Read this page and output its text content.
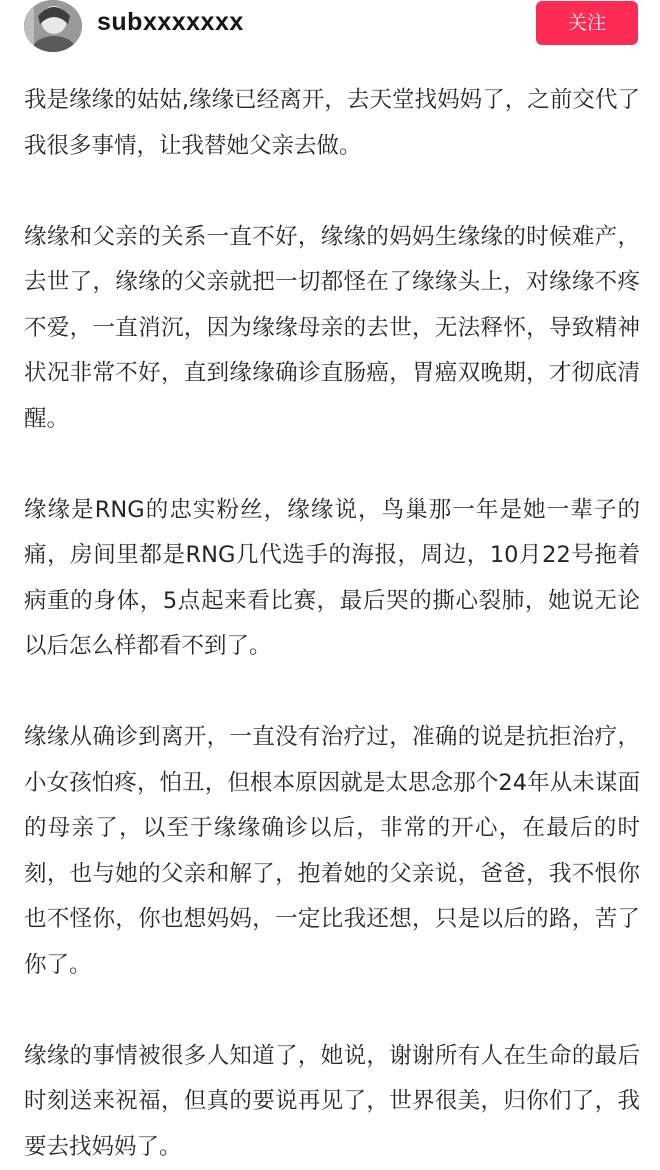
subxxxxxxx	关注

我是缘缘的姑姑,缘缘已经离开，去天堂找妈妈了，之前交代了我很多事情，让我替她父亲去做。

缘缘和父亲的关系一直不好，缘缘的妈妈生缘缘的时候难产，去世了，缘缘的父亲就把一切都怪在了缘缘头上，对缘缘不疼不爱，一直消沉，因为缘缘母亲的去世，无法释怀，导致精神状况非常不好，直到缘缘确诊直肠癌，胃癌双晚期，才彻底清醒。

缘缘是RNG的忠实粉丝，缘缘说，鸟巢那一年是她一辈子的痛，房间里都是RNG几代选手的海报，周边，10月22号拖着病重的身体，5点起来看比赛，最后哭的撕心裂肺，她说无论以后怎么样都看不到了。

缘缘从确诊到离开，一直没有治疗过，准确的说是抗拒治疗，小女孩怕疼，怕丑，但根本原因就是太思念那个24年从未谋面的母亲了，以至于缘缘确诊以后，非常的开心，在最后的时刻，也与她的父亲和解了，抱着她的父亲说，爸爸，我不恨你也不怪你，你也想妈妈，一定比我还想，只是以后的路，苦了你了。

缘缘的事情被很多人知道了，她说，谢谢所有人在生命的最后时刻送来祝福，但真的要说再见了，世界很美，归你们了，我要去找妈妈了。
